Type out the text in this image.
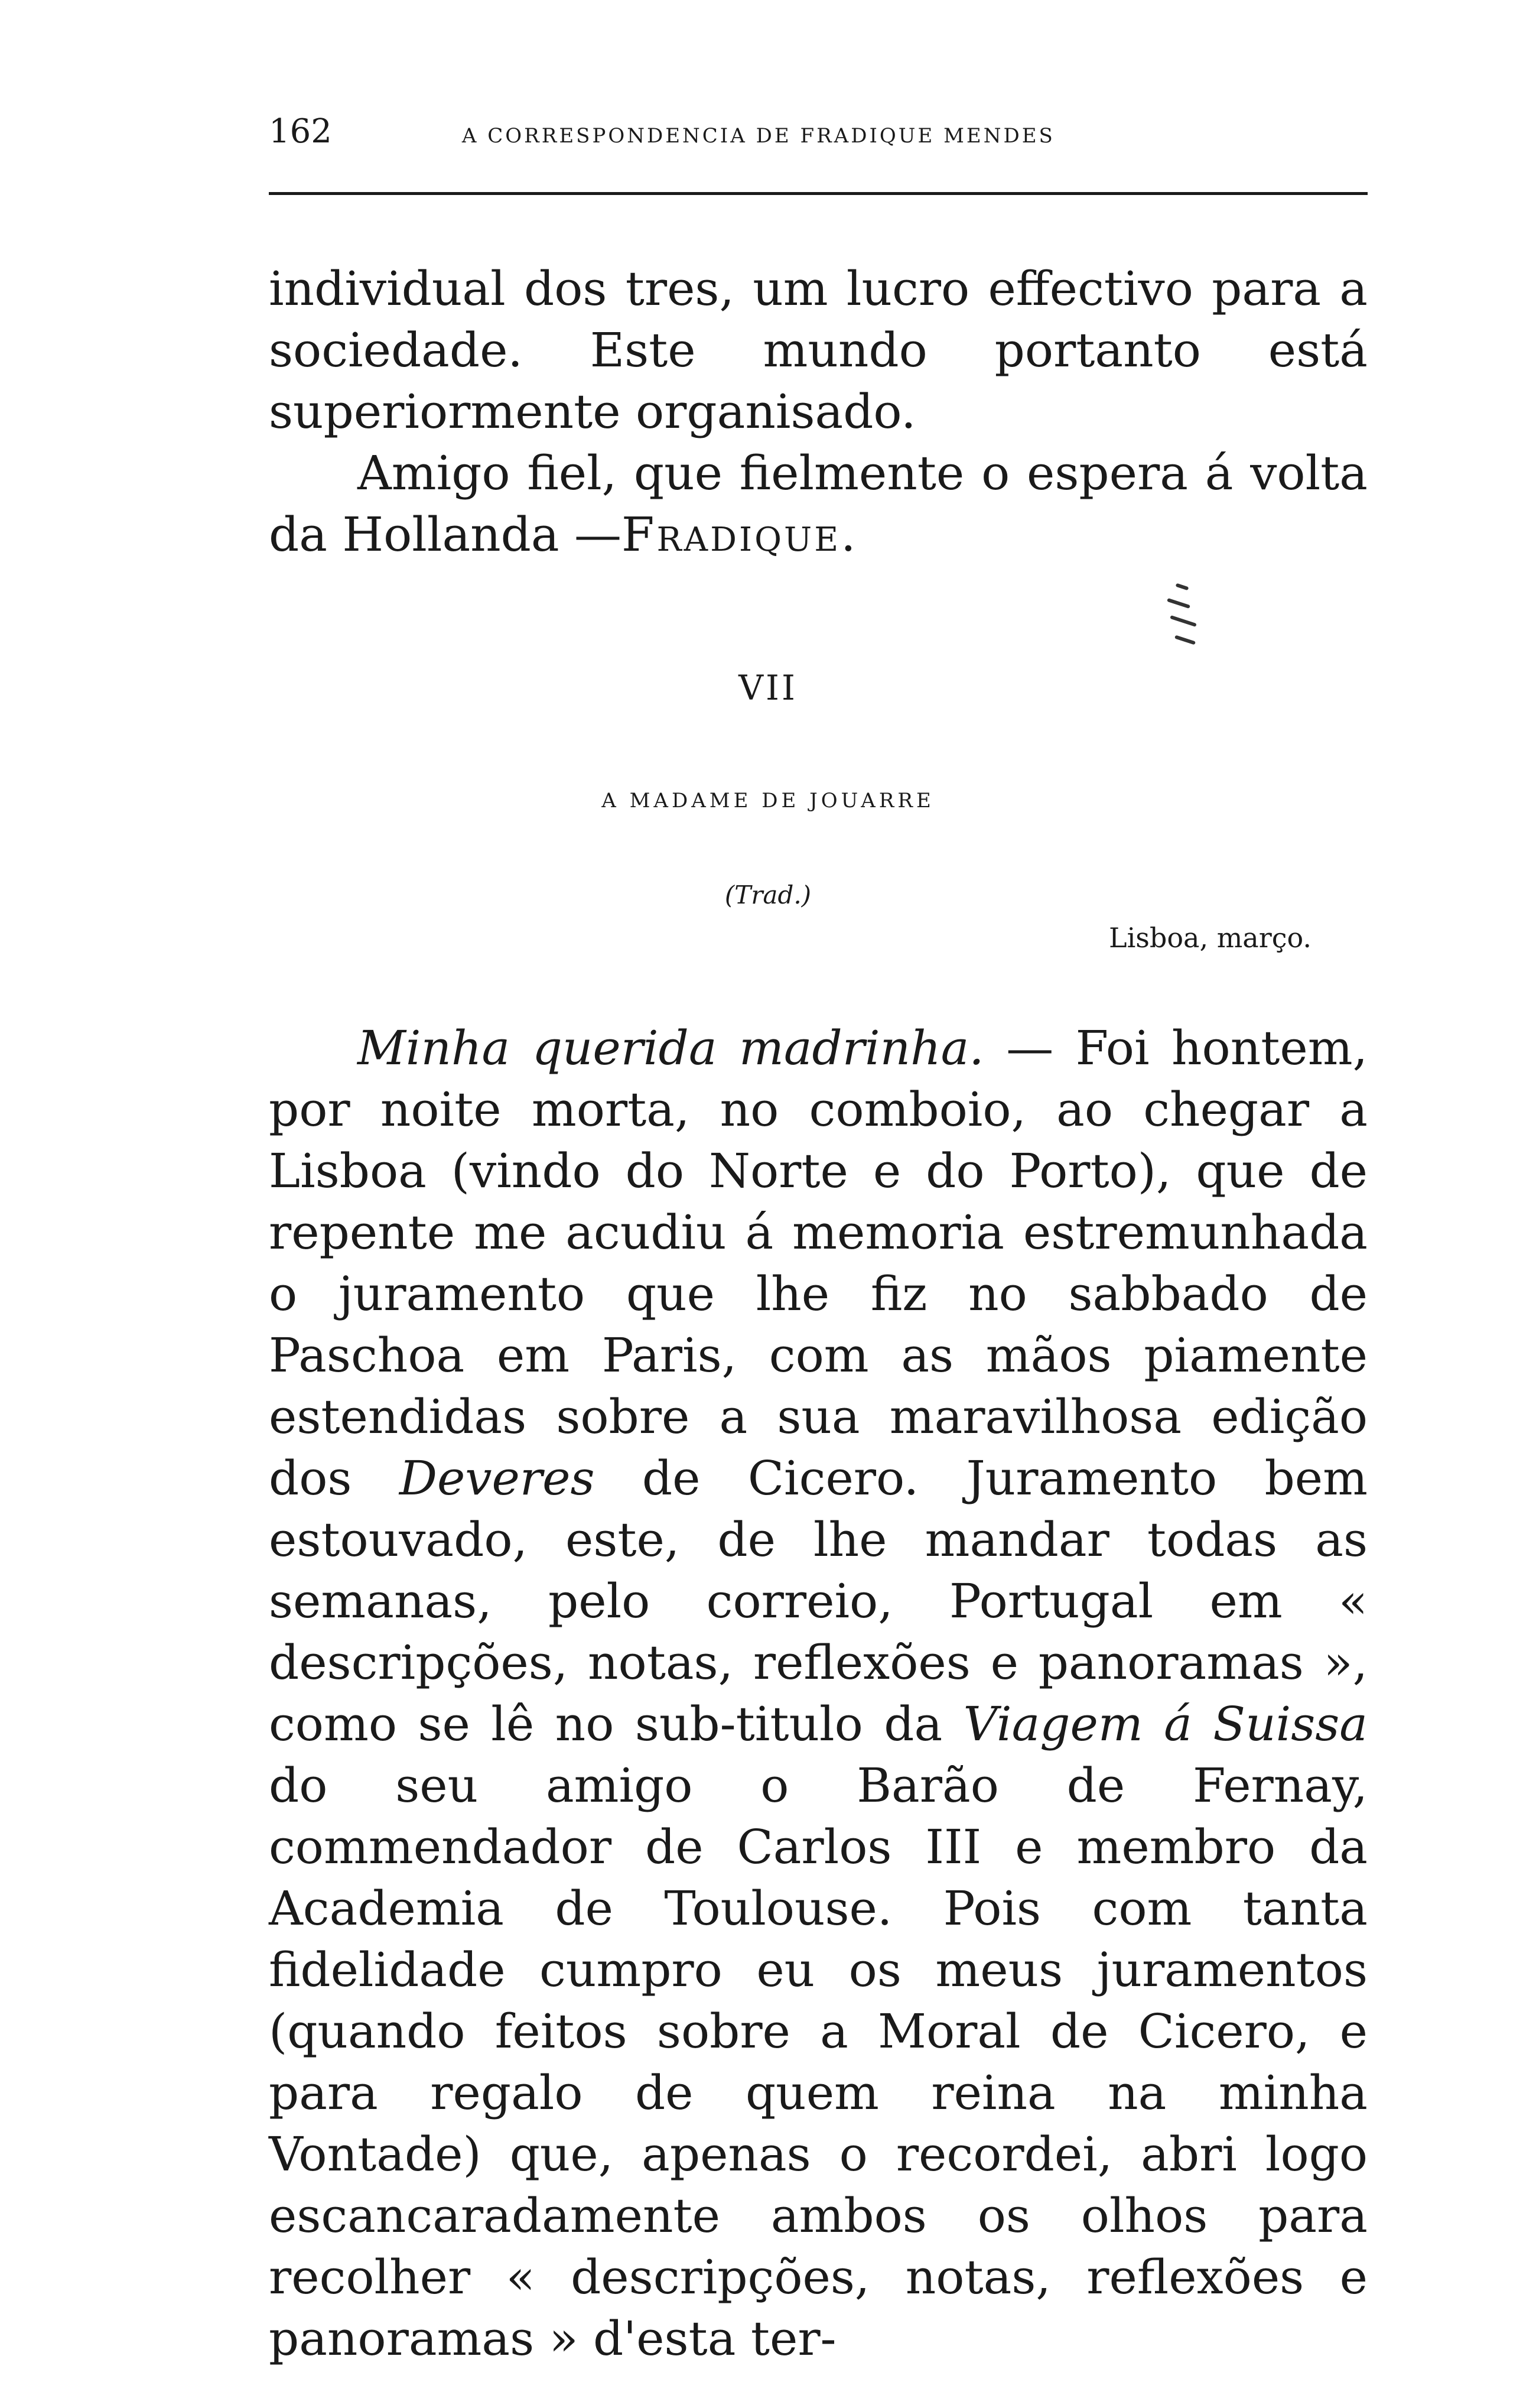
162	A CORRESPONDENCIA DE FRADIQUE MENDES

individual dos tres, um lucro effectivo para a sociedade. Este mundo portanto está superiormente organisado.

Amigo fiel, que fielmente o espera á volta da Hollanda —Fradique.

VII
A MADAME DE JOUARRE
(Trad.)
Lisboa, março.

Minha querida madrinha. — Foi hontem, por noite morta, no comboio, ao chegar a Lisboa (vindo do Norte e do Porto), que de repente me acudiu á memoria estremunhada o juramento que lhe fiz no sabbado de Paschoa em Paris, com as mãos piamente estendidas sobre a sua maravilhosa edição dos Deveres de Cicero. Juramento bem estouvado, este, de lhe mandar todas as semanas, pelo correio, Portugal em « descripções, notas, reflexões e panoramas », como se lê no sub-titulo da Viagem á Suissa do seu amigo o Barão de Fernay, commendador de Carlos III e membro da Academia de Toulouse. Pois com tanta fidelidade cumpro eu os meus juramentos (quando feitos sobre a Moral de Cicero, e para regalo de quem reina na minha Vontade) que, apenas o recordei, abri logo escancaradamente ambos os olhos para recolher « descripções, notas, reflexões e panoramas » d'esta ter-
